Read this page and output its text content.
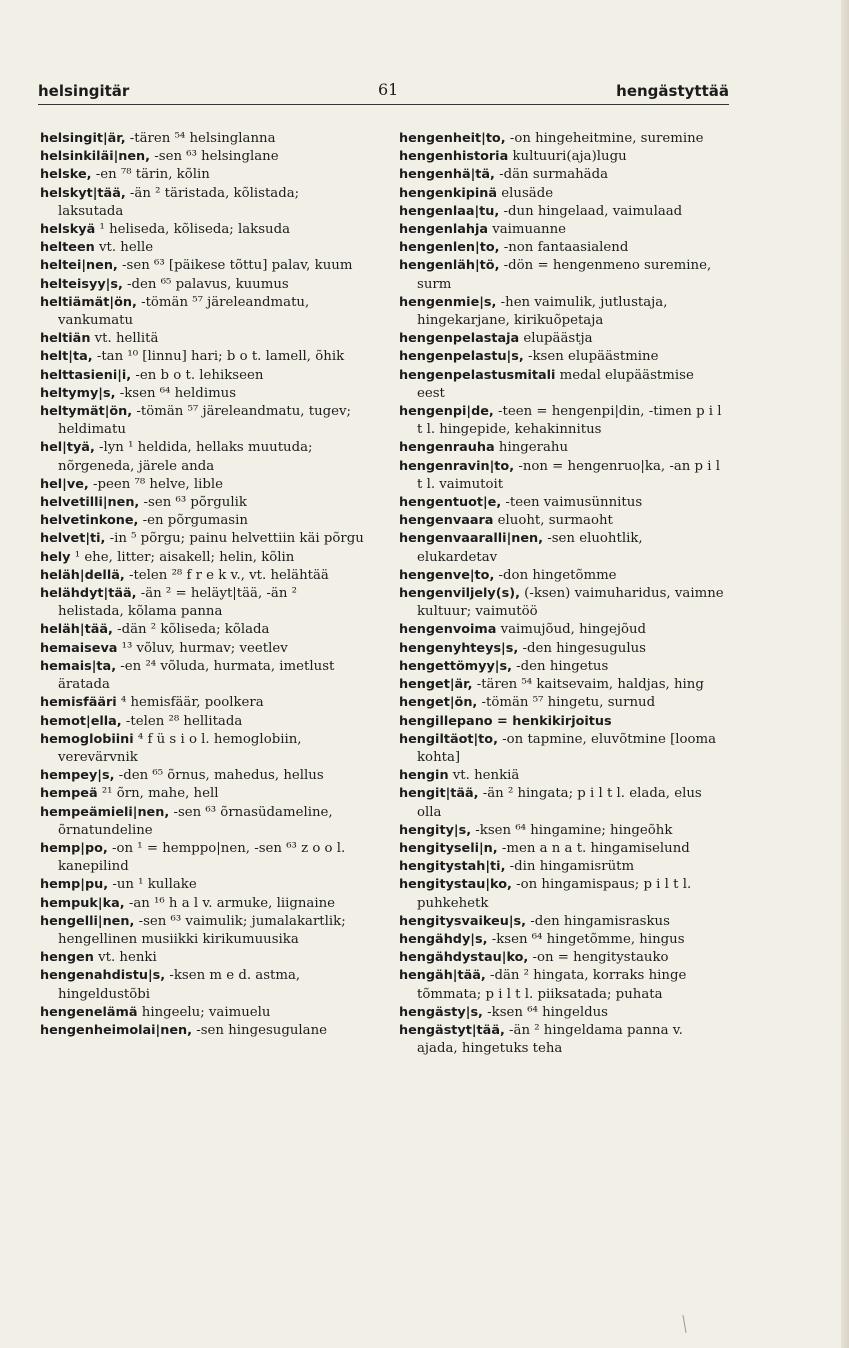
helsingitär	61	hengästyttää

helsingit|är, -tären ⁵⁴ helsinglanna

helsinkiläi|nen, -sen ⁶³ helsinglane

helske, -en ⁷⁸ tärin, kõlin

helskyt|tää, -än ² täristada, kõlistada; laksutada

helskyä ¹ heliseda, kõliseda; laksuda

helteen vt. helle

heltei|nen, -sen ⁶³ [päikese tõttu] palav, kuum

helteisyy|s, -den ⁶⁵ palavus, kuumus

heltiämät|ön, -tömän ⁵⁷ järeleandmatu, vankumatu

heltiän vt. hellitä

helt|ta, -tan ¹⁰ [linnu] hari; b o t. lamell, õhik

helttasieni|i, -en b o t. lehikseen

heltymy|s, -ksen ⁶⁴ heldimus

heltymät|ön, -tömän ⁵⁷ järeleandmatu, tugev; heldimatu

hel|tyä, -lyn ¹ heldida, hellaks muutuda; nõrgeneda, järele anda

hel|ve, -peen ⁷⁸ helve, lible

helvetilli|nen, -sen ⁶³ põrgulik

helvetinkone, -en põrgumasin

helvet|ti, -in ⁵ põrgu; painu helvettiin käi põrgu

hely ¹ ehe, litter; aisakell; helin, kõlin

heläh|dellä, -telen ²⁸ f r e k v., vt. helähtää

helähdyt|tää, -än ² = heläyt|tää, -än ² helistada, kõlama panna

heläh|tää, -dän ² kõliseda; kõlada

hemaiseva ¹³ võluv, hurmav; veetlev

hemais|ta, -en ²⁴ võluda, hurmata, imetlust äratada

hemisfääri ⁴ hemisfäär, poolkera

hemot|ella, -telen ²⁸ hellitada

hemoglobiini ⁴ f ü s i o l. hemoglobiin, verevärvnik

hempey|s, -den ⁶⁵ õrnus, mahedus, hellus

hempeä ²¹ õrn, mahe, hell

hempeämieli|nen, -sen ⁶³ õrnasüdameline, õrnatundeline

hemp|po, -on ¹ = hemppo|nen, -sen ⁶³ z o o l. kanepilind

hemp|pu, -un ¹ kullake

hempuk|ka, -an ¹⁶ h a l v. armuke, liignaine

hengelli|nen, -sen ⁶³ vaimulik; jumalakartlik; hengellinen musiikki kirikumuusika

hengen vt. henki

hengenahdistu|s, -ksen m e d. astma, hingeldustõbi

hengenelämä hingeelu; vaimuelu

hengenheimolai|nen, -sen hingesugulane

hengenheit|to, -on hingeheitmine, suremine

hengenhistoria kultuuri(aja)lugu

hengenhä|tä, -dän surmahäda

hengenkipinä elusäde

hengenlaa|tu, -dun hingelaad, vaimulaad

hengenlahja vaimuanne

hengenlen|to, -non fantaasialend

hengenläh|tö, -dön = hengenmeno suremine, surm

hengenmie|s, -hen vaimulik, jutlustaja, hingekarjane, kirikuõpetaja

hengenpelastaja elupäästja

hengenpelastu|s, -ksen elupäästmine

hengenpelastusmitali medal elupäästmise eest

hengenpi|de, -teen = hengenpi|din, -timen p i l t l. hingepide, kehakinnitus

hengenrauha hingerahu

hengenravin|to, -non = hengenruo|ka, -an p i l t l. vaimutoit

hengentuot|e, -teen vaimusünnitus

hengenvaara eluoht, surmaoht

hengenvaaralli|nen, -sen eluohtlik, elukardetav

hengenve|to, -don hingetõmme

hengenviljely(s), (-ksen) vaimuharidus, vaimne kultuur; vaimutöö

hengenvoima vaimujõud, hingejõud

hengenyhteys|s, -den hingesugulus

hengettömyy|s, -den hingetus

henget|är, -tären ⁵⁴ kaitsevaim, haldjas, hing

henget|ön, -tömän ⁵⁷ hingetu, surnud

hengillepano = henkikirjoitus

hengiltäot|to, -on tapmine, eluvõtmine [looma kohta]

hengin vt. henkiä

hengit|tää, -än ² hingata; p i l t l. elada, elus olla

hengity|s, -ksen ⁶⁴ hingamine; hingeõhk

hengityseli|n, -men a n a t. hingamiselund

hengitystah|ti, -din hingamisrütm

hengitystau|ko, -on hingamispaus; p i l t l. puhkehetk

hengitysvaikeu|s, -den hingamisraskus

hengähdy|s, -ksen ⁶⁴ hingetõmme, hingus

hengähdystau|ko, -on = hengitystauko

hengäh|tää, -dän ² hingata, korraks hinge tõmmata; p i l t l. piiksatada; puhata

hengästy|s, -ksen ⁶⁴ hingeldus

hengästyt|tää, -än ² hingeldama panna v. ajada, hingetuks teha
